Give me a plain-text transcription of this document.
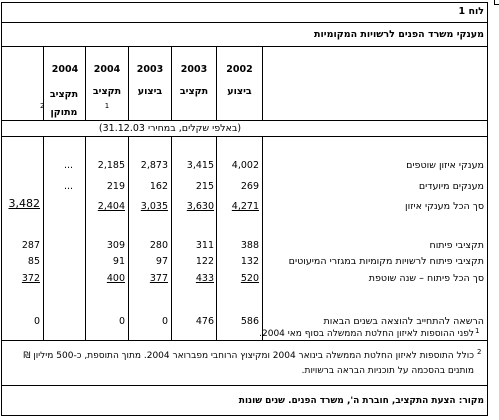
לוח 1
מענקי משרד הפנים לרשויות המקומיות
2002
2003
2003
2004
2004
ביצוע
תקציב
ביצוע
תקציב
1
תקציב מתוקן
2
(באלפי שקלים, במחירי 31.12.03)
מענקי איזון שוטפים
מענקים מיועדים
סך הכל מענקי איזון
תקציבי פיתוח
תקציבי פיתוח לרשויות מקומיות במגזרי המיעוטים
סך הכל פיתוח – שנה שוטפת
הרשאה להתחייב להוצאה בשנים הבאות
4,002
3,415
2,873
2,185
...
269
215
162
219
...
4,271
3,630
3,035
2,404
3,482
388
311
280
309
287
132
122
97
91
85
520
433
377
400
372
586
476
0
0
0
1
לפני ההוספות לאיזון החלטת הממשלה בסוף מאי 2004.
2
כולל התוספות לאיזון החלטת הממשלה בינואר 2004 ומקיצוץ הרוחבי מפברואר 2004. מתוך התוספת, כ-500 מיליון ₪ מותנים בהסכמה על תוכניות הבראה ברשויות.
מקור: הצעת התקציב, חוברת ה', משרד הפנים. שנים שונות
